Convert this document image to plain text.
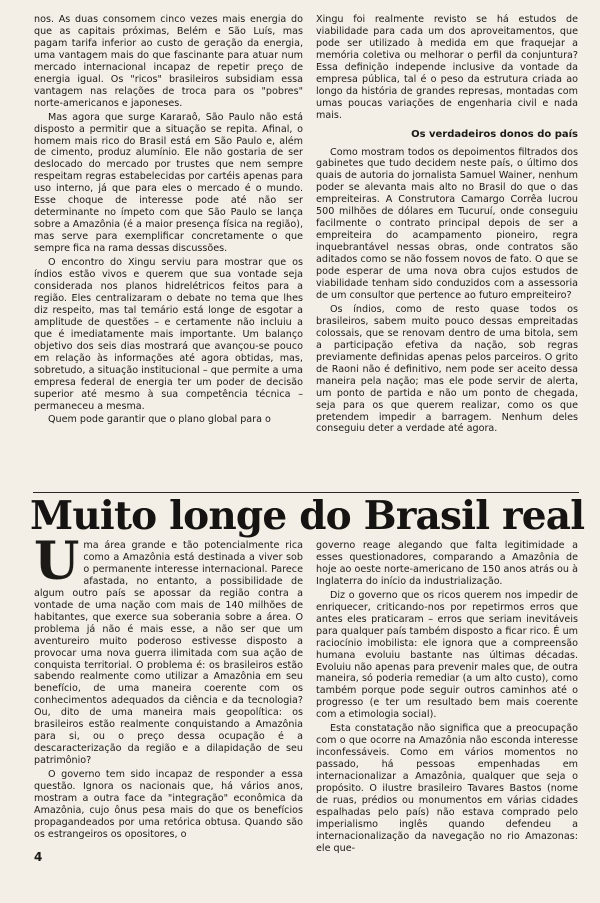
nos. As duas consomem cinco vezes mais energia do que as capitais próximas, Belém e São Luís, mas pagam tarifa inferior ao custo de geração da energia, uma vantagem mais do que fascinante para atuar num mercado internacional incapaz de repetir preço de energia igual. Os "ricos" brasileiros subsidiam essa vantagem nas relações de troca para os "pobres" norte-americanos e japoneses.

Mas agora que surge Kararaô, São Paulo não está disposto a permitir que a situação se repita. Afinal, o homem mais rico do Brasil está em São Paulo e, além de cimento, produz alumínio. Ele não gostaria de ser deslocado do mercado por trustes que nem sempre respeitam regras estabelecidas por cartéis apenas para uso interno, já que para eles o mercado é o mundo. Esse choque de interesse pode até não ser determinante no ímpeto com que São Paulo se lança sobre a Amazônia (é a maior presença física na região), mas serve para exemplificar concretamente o que sempre fica na rama dessas discussões.

O encontro do Xingu serviu para mostrar que os índios estão vivos e querem que sua vontade seja considerada nos planos hidrelétricos feitos para a região. Eles centralizaram o debate no tema que lhes diz respeito, mas tal temário está longe de esgotar a amplitude de questões – e certamente não incluiu a que é imediatamente mais importante. Um balanço objetivo dos seis dias mostrará que avançou-se pouco em relação às informações até agora obtidas, mas, sobretudo, a situação institucional – que permite a uma empresa federal de energia ter um poder de decisão superior até mesmo à sua competência técnica – permaneceu a mesma.

Quem pode garantir que o plano global para o

Xingu foi realmente revisto se há estudos de viabilidade para cada um dos aproveitamentos, que pode ser utilizado à medida em que fraquejar a memória coletiva ou melhorar o perfil da conjuntura? Essa definição independe inclusive da vontade da empresa pública, tal é o peso da estrutura criada ao longo da história de grandes represas, montadas com umas poucas variações de engenharia civil e nada mais.

Os verdadeiros donos do país

Como mostram todos os depoimentos filtrados dos gabinetes que tudo decidem neste país, o último dos quais de autoria do jornalista Samuel Wainer, nenhum poder se alevanta mais alto no Brasil do que o das empreiteiras. A Construtora Camargo Corrêa lucrou 500 milhões de dólares em Tucuruí, onde conseguiu facilmente o contrato principal depois de ser a empreiteira do acampamento pioneiro, regra inquebrantável nessas obras, onde contratos são aditados como se não fossem novos de fato. O que se pode esperar de uma nova obra cujos estudos de viabilidade tenham sido conduzidos com a assessoria de um consultor que pertence ao futuro empreiteiro?

Os índios, como de resto quase todos os brasileiros, sabem muito pouco dessas empreitadas colossais, que se renovam dentro de uma bitola, sem a participação efetiva da nação, sob regras previamente definidas apenas pelos parceiros. O grito de Raoni não é definitivo, nem pode ser aceito dessa maneira pela nação; mas ele pode servir de alerta, um ponto de partida e não um ponto de chegada, seja para os que querem realizar, como os que pretendem impedir a barragem. Nenhum deles conseguiu deter a verdade até agora.

Muito longe do Brasil real

Uma área grande e tão potencialmente rica como a Amazônia está destinada a viver sob o permanente interesse internacional. Parece afastada, no entanto, a possibilidade de algum outro país se apossar da região contra a vontade de uma nação com mais de 140 milhões de habitantes, que exerce sua soberania sobre a área. O problema já não é mais esse, a não ser que um aventureiro muito poderoso estivesse disposto a provocar uma nova guerra ilimitada com sua ação de conquista territorial. O problema é: os brasileiros estão sabendo realmente como utilizar a Amazônia em seu benefício, de uma maneira coerente com os conhecimentos adequados da ciência e da tecnologia? Ou, dito de uma maneira mais geopolítica: os brasileiros estão realmente conquistando a Amazônia para si, ou o preço dessa ocupação é a descaracterização da região e a dilapidação de seu patrimônio?

O governo tem sido incapaz de responder a essa questão. Ignora os nacionais que, há vários anos, mostram a outra face da "integração" econômica da Amazônia, cujo ônus pesa mais do que os benefícios propagandeados por uma retórica obtusa. Quando são os estrangeiros os opositores, o

governo reage alegando que falta legitimidade a esses questionadores, comparando a Amazônia de hoje ao oeste norte-americano de 150 anos atrás ou à Inglaterra do início da industrialização.

Diz o governo que os ricos querem nos impedir de enriquecer, criticando-nos por repetirmos erros que antes eles praticaram – erros que seriam inevitáveis para qualquer país também disposto a ficar rico. É um raciocínio imobilista: ele ignora que a compreensão humana evoluiu bastante nas últimas décadas. Evoluiu não apenas para prevenir males que, de outra maneira, só poderia remediar (a um alto custo), como também porque pode seguir outros caminhos até o progresso (e ter um resultado bem mais coerente com a etimologia social).

Esta constatação não significa que a preocupação com o que ocorre na Amazônia não esconda interesse inconfessáveis. Como em vários momentos no passado, há pessoas empenhadas em internacionalizar a Amazônia, qualquer que seja o propósito. O ilustre brasileiro Tavares Bastos (nome de ruas, prédios ou monumentos em várias cidades espalhadas pelo país) não estava comprado pelo imperialismo inglês quando defendeu a internacionalização da navegação no rio Amazonas: ele que-

4
